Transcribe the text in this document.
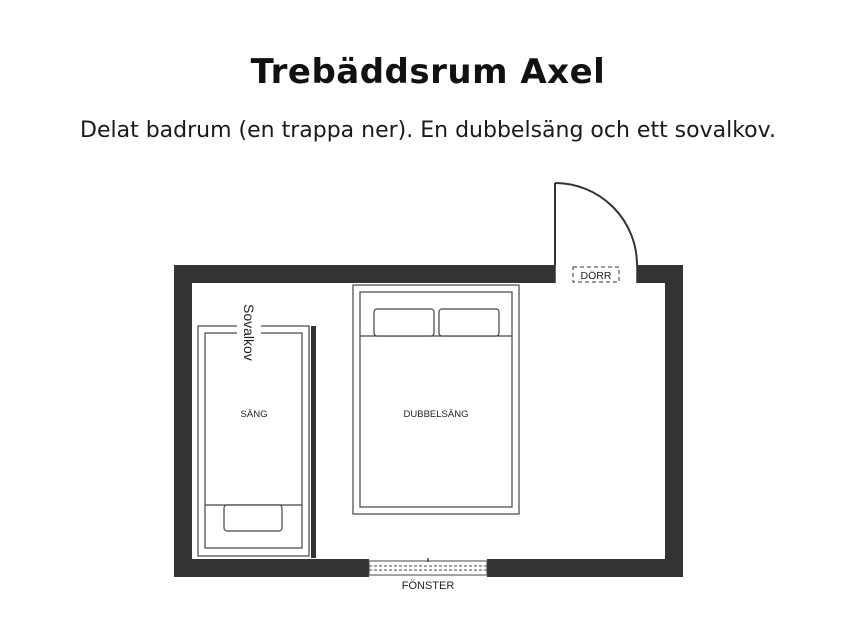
Trebäddsrum Axel
Delat badrum (en trappa ner). En dubbelsäng och ett sovalkov.
DÖRR
FÖNSTER
Sovalkov
SÄNG	DUBBELSÄNG
